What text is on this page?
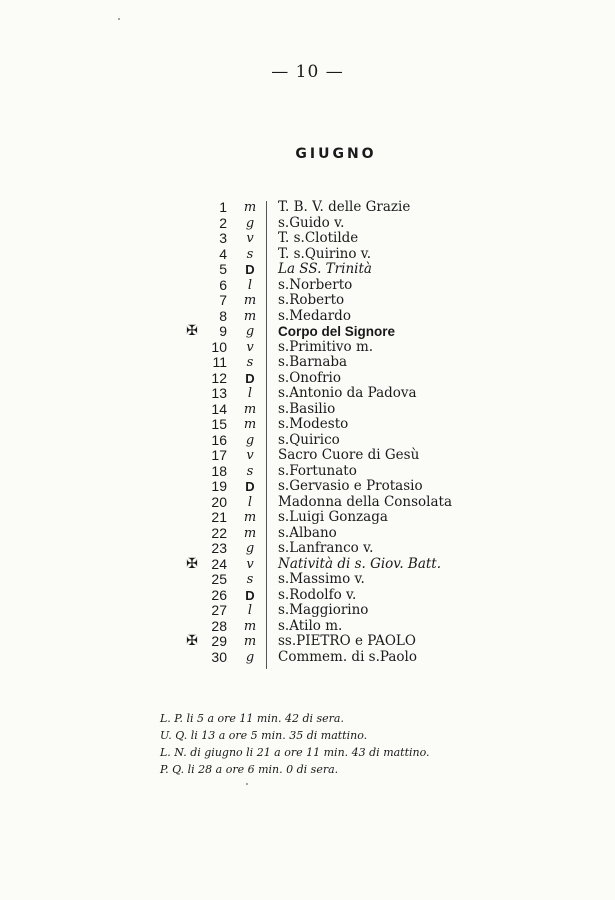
— 10 —
GIUGNO
1	m	T. B. V. delle Grazie
2	g	s.Guido v.
3	v	T. s.Clotilde
4	s	T. s.Quirino v.
5	D	La SS. Trinità
6	l	s.Norberto
7	m	s.Roberto
8	m	s.Medardo
✠	9	g	Corpo del Signore
10	v	s.Primitivo m.
11	s	s.Barnaba
12	D	s.Onofrio
13	l	s.Antonio da Padova
14	m	s.Basilio
15	m	s.Modesto
16	g	s.Quirico
17	v	Sacro Cuore di Gesù
18	s	s.Fortunato
19	D	s.Gervasio e Protasio
20	l	Madonna della Consolata
21	m	s.Luigi Gonzaga
22	m	s.Albano
23	g	s.Lanfranco v.
✠ 24	v	Natività di s. Giov. Batt.
25	s	s.Massimo v.
26	D	s.Rodolfo v.
27	l	s.Maggiorino
28	m	s.Atilo m.
✠ 29	m	ss.PIETRO e PAOLO
30	g	Commem. di s.Paolo
L. P. li 5 a ore 11 min. 42 di sera.
U. Q. li 13 a ore 5 min. 35 di mattino.
L. N. di giugno li 21 a ore 11 min. 43 di mattino.
P. Q. li 28 a ore 6 min. 0 di sera.
